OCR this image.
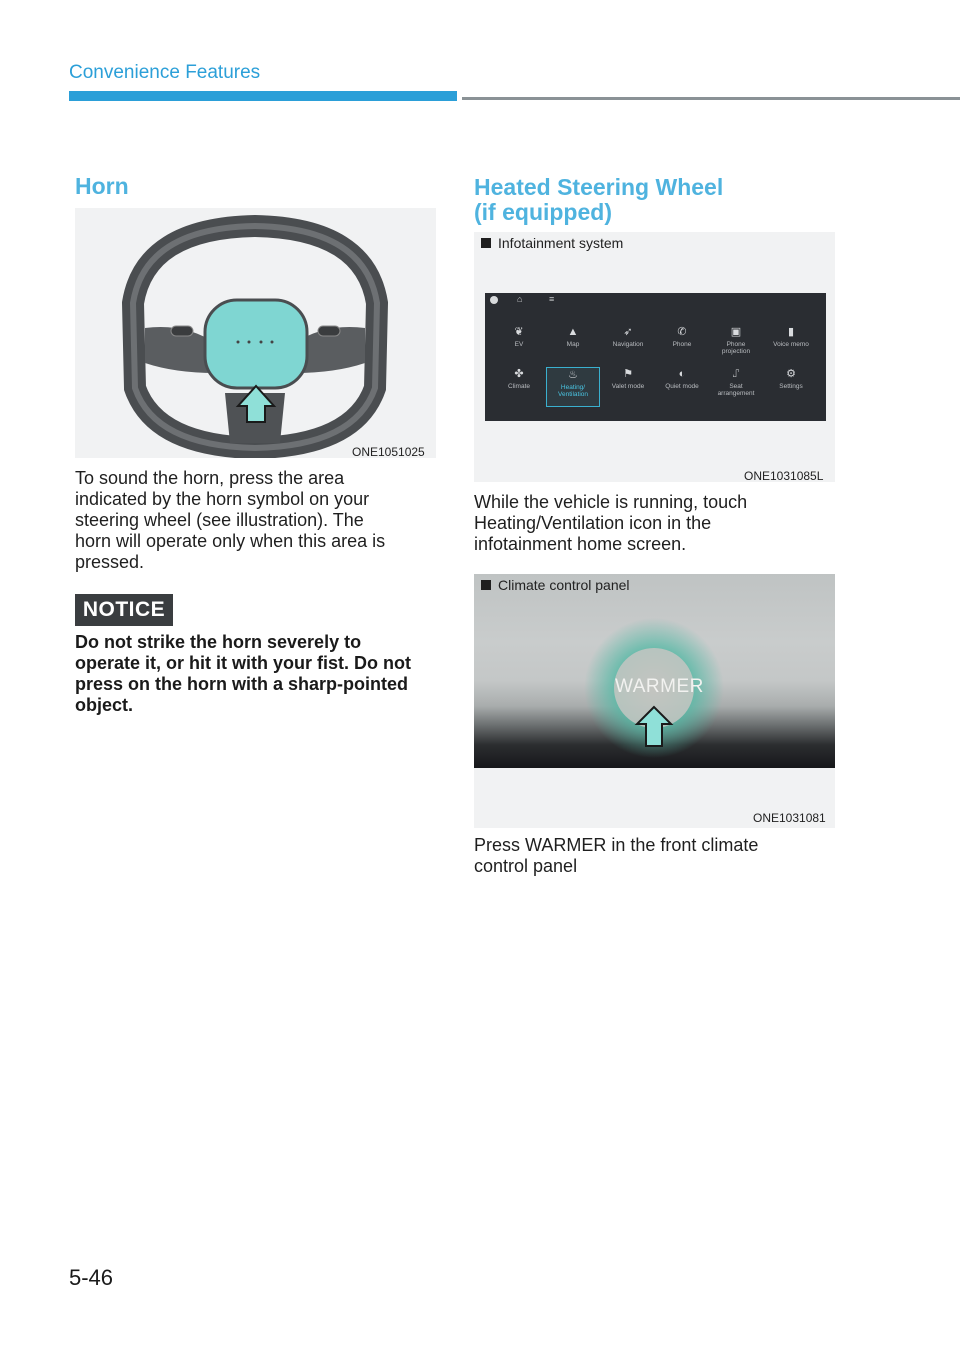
Convenience Features
Horn
ONE1051025
To sound the horn, press the area
indicated by the horn symbol on your
steering wheel (see illustration). The
horn will operate only when this area is
pressed.
NOTICE
Do not strike the horn severely to
operate it, or hit it with your fist. Do not
press on the horn with a sharp-pointed
object.
Heated Steering Wheel
(if equipped)
Infotainment system
⌂	≡
❦
EV
▲
Map
➶
Navigation
✆
Phone
▣
Phone
projection
▮
Voice memo
✤
Climate
♨
Heating/
Ventilation
⚑
Valet mode
◐
Quiet mode
⑀
Seat
arrangement
⚙
Settings
ONE1031085L
While the vehicle is running, touch
Heating/Ventilation icon in the
infotainment home screen.
WARMER
Climate control panel
ONE1031081
Press WARMER in the front climate
control panel
5-46
